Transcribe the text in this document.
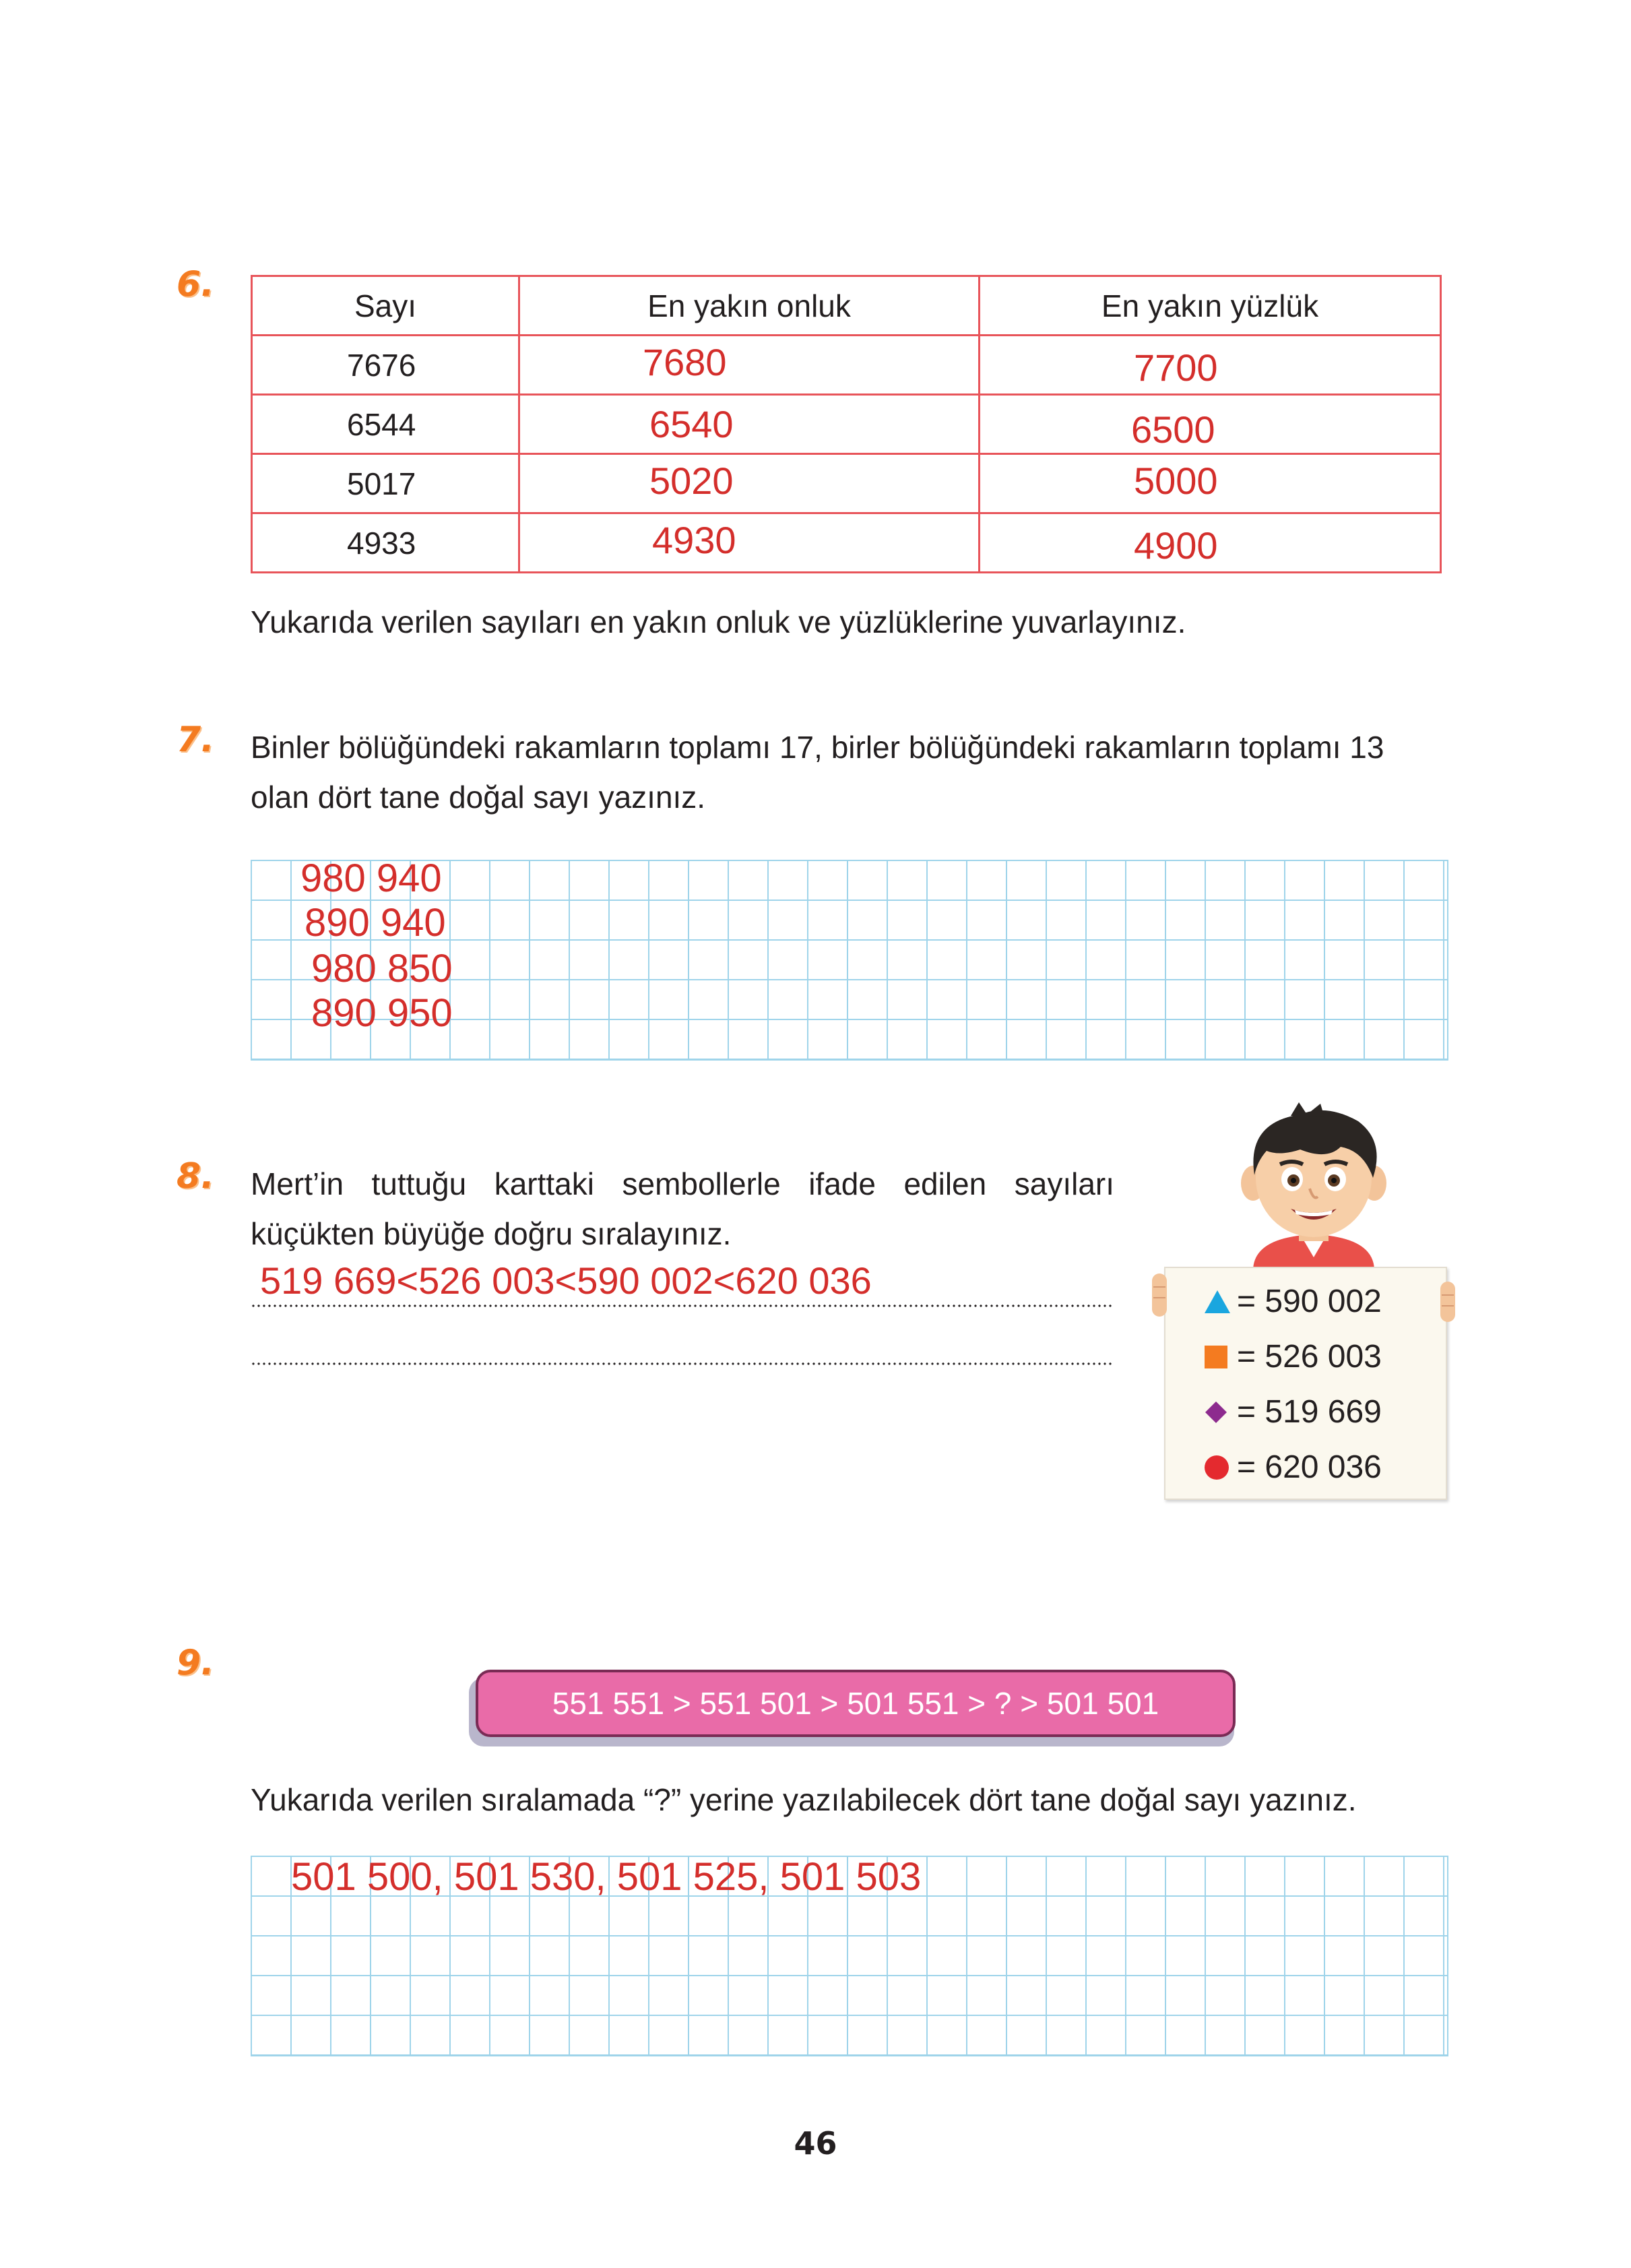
6.
Sayı	En yakın onluk	En yakın yüzlük
7676	7680	7700

6544	6540	6500

5017	5020	5000

4933	4930	4900
Yukarıda verilen sayıları en yakın onluk ve yüzlüklerine yuvarlayınız.
7. Binler bölüğündeki rakamların toplamı 17, birler bölüğündeki rakamların toplamı 13
olan dört tane doğal sayı yazınız.
980 940
890 940
980 850
890 950
8. Mert’in tuttuğu karttaki sembollerle ifade edilen sayıları
küçükten büyüğe doğru sıralayınız.
519 669<526 003<590 002<620 036	= 590 002
= 526 003
= 519 669
= 620 036
9.
551 551 > 551 501 > 501 551 > ? > 501 501
Yukarıda verilen sıralamada “?” yerine yazılabilecek dört tane doğal sayı yazınız.
501 500, 501 530, 501 525, 501 503
46
